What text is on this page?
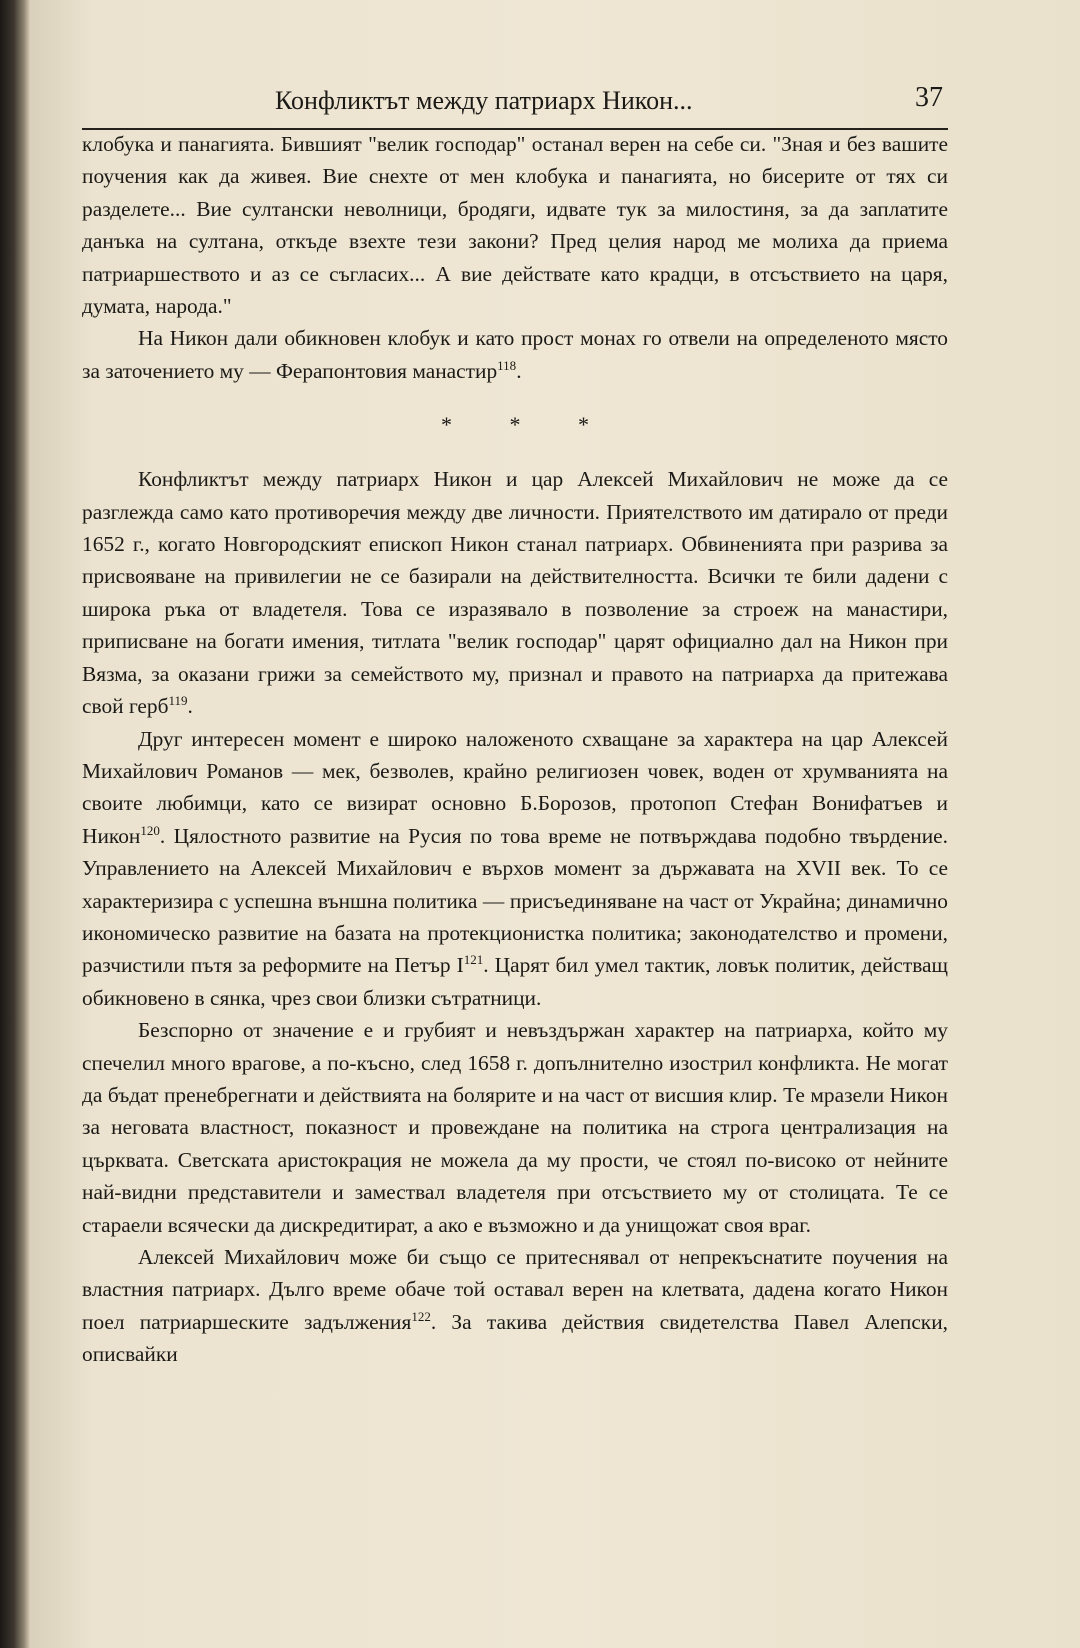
Конфликтът между патриарх Никон...	37

клобука и панагията. Бившият "велик господар" останал верен на себе си. "Зная и без вашите поучения как да живея. Вие снехте от мен клобука и панагията, но бисерите от тях си разделете... Вие султански неволници, бродяги, идвате тук за милостиня, за да заплатите данъка на султана, откъде взехте тези закони? Пред целия народ ме молиха да приема патриаршеството и аз се съгласих... А вие действате като крадци, в отсъствието на царя, думата, народа."

На Никон дали обикновен клобук и като прост монах го отвели на определеното място за заточението му — Ферапонтовия манастир$^{118}$.

* * *

Конфликтът между патриарх Никон и цар Алексей Михайлович не може да се разглежда само като противоречия между две личности. Приятелството им датирало от преди 1652 г., когато Новгородският епископ Никон станал патриарх. Обвиненията при разрива за присвояване на привилегии не се базирали на действителността. Всички те били дадени с широка ръка от владетеля. Това се изразявало в позволение за строеж на манастири, приписване на богати имения, титлата "велик господар" царят официално дал на Никон при Вязма, за оказани грижи за семейството му, признал и правото на патриарха да притежава свой герб$^{119}$.

Друг интересен момент е широко наложеното схващане за характера на цар Алексей Михайлович Романов — мек, безволев, крайно религиозен човек, воден от хрумванията на своите любимци, като се визират основно Б.Борозов, протопоп Стефан Вонифатъев и Никон$^{120}$. Цялостното развитие на Русия по това време не потвърждава подобно твърдение. Управлението на Алексей Михайлович е върхов момент за държавата на XVII век. То се характеризира с успешна външна политика — присъединяване на част от Украйна; динамично икономическо развитие на базата на протекционистка политика; законодателство и промени, разчистили пътя за реформите на Петър $I^{121}$. Царят бил умел тактик, ловък политик, действащ обикновено в сянка, чрез свои близки сътратници.

Безспорно от значение е и грубият и невъздържан характер на патриарха, който му спечелил много врагове, а по-късно, след 1658 г. допълнително изострил конфликта. Не могат да бъдат пренебрегнати и действията на болярите и на част от висшия клир. Те мразели Никон за неговата властност, показност и провеждане на политика на строга централизация на църквата. Светската аристокрация не можела да му прости, че стоял по-високо от нейните най-видни представители и замествал владетеля при отсъствието му от столицата. Те се стараели всячески да дискредитират, а ако е възможно и да унищожат своя враг.

Алексей Михайлович може би също се притеснявал от непрекъснатите поучения на властния патриарх. Дълго време обаче той оставал верен на клетвата, дадена когато Никон поел патриаршеските задължения$^{122}$. За такива действия свидетелства Павел Алепски, описвайки
